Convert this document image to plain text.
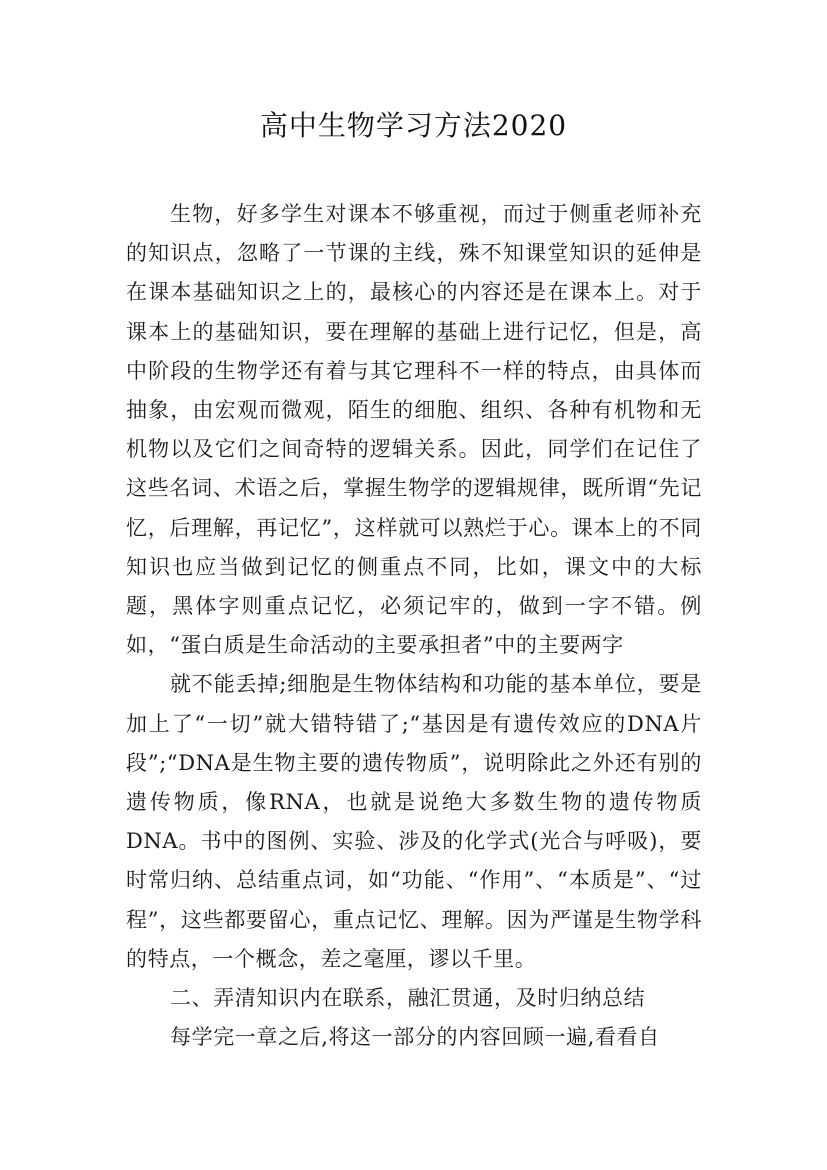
高中生物学习方法2020

生物，好多学生对课本不够重视，而过于侧重老师补充的知识点，忽略了一节课的主线，殊不知课堂知识的延伸是在课本基础知识之上的，最核心的内容还是在课本上。对于课本上的基础知识，要在理解的基础上进行记忆，但是，高中阶段的生物学还有着与其它理科不一样的特点，由具体而抽象，由宏观而微观，陌生的细胞、组织、各种有机物和无机物以及它们之间奇特的逻辑关系。因此，同学们在记住了这些名词、术语之后，掌握生物学的逻辑规律，既所谓“先记忆，后理解，再记忆”，这样就可以熟烂于心。课本上的不同知识也应当做到记忆的侧重点不同，比如，课文中的大标题，黑体字则重点记忆，必须记牢的，做到一字不错。例如，“蛋白质是生命活动的主要承担者”中的主要两字

就不能丢掉;细胞是生物体结构和功能的基本单位，要是加上了“一切”就大错特错了;“基因是有遗传效应的DNA片段”;“DNA是生物主要的遗传物质”，说明除此之外还有别的遗传物质，像RNA，也就是说绝大多数生物的遗传物质DNA。书中的图例、实验、涉及的化学式(光合与呼吸)，要时常归纳、总结重点词，如“功能、“作用”、“本质是”、“过程”，这些都要留心，重点记忆、理解。因为严谨是生物学科的特点，一个概念，差之毫厘，谬以千里。

二、弄清知识内在联系，融汇贯通，及时归纳总结

每学完一章之后,将这一部分的内容回顾一遍,看看自
